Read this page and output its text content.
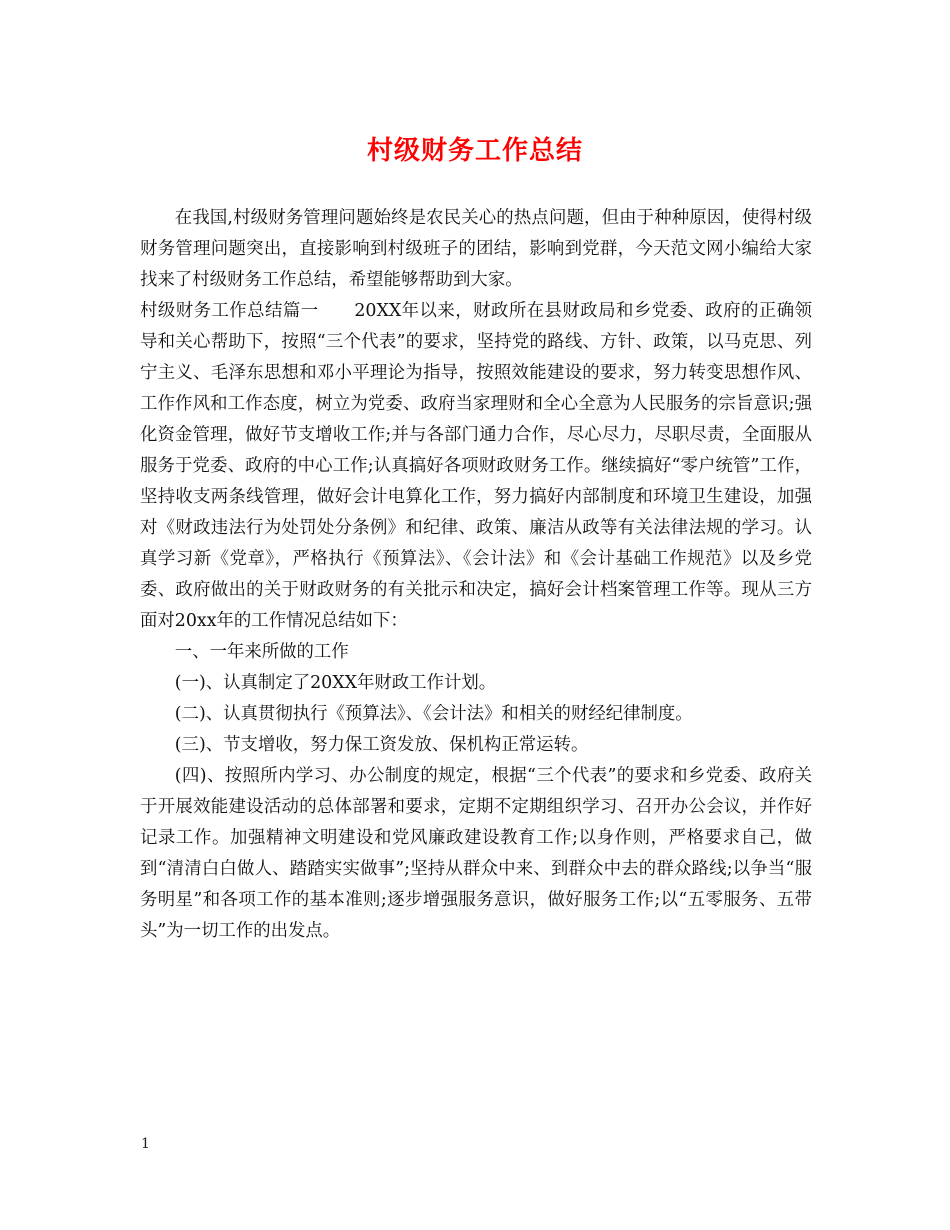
村级财务工作总结

在我国,村级财务管理问题始终是农民关心的热点问题，但由于种种原因，使得村级财务管理问题突出，直接影响到村级班子的团结，影响到党群，今天范文网小编给大家找来了村级财务工作总结，希望能够帮助到大家。

村级财务工作总结篇一　　20XX年以来，财政所在县财政局和乡党委、政府的正确领导和关心帮助下，按照“三个代表”的要求，坚持党的路线、方针、政策，以马克思、列宁主义、毛泽东思想和邓小平理论为指导，按照效能建设的要求，努力转变思想作风、工作作风和工作态度，树立为党委、政府当家理财和全心全意为人民服务的宗旨意识;强化资金管理，做好节支增收工作;并与各部门通力合作，尽心尽力，尽职尽责，全面服从服务于党委、政府的中心工作;认真搞好各项财政财务工作。继续搞好“零户统管”工作，坚持收支两条线管理，做好会计电算化工作，努力搞好内部制度和环境卫生建设，加强对《财政违法行为处罚处分条例》和纪律、政策、廉洁从政等有关法律法规的学习。认真学习新《党章》，严格执行《预算法》、《会计法》和《会计基础工作规范》以及乡党委、政府做出的关于财政财务的有关批示和决定，搞好会计档案管理工作等。现从三方面对20xx年的工作情况总结如下：

一、一年来所做的工作

(一)、认真制定了20XX年财政工作计划。

(二)、认真贯彻执行《预算法》、《会计法》和相关的财经纪律制度。

(三)、节支增收，努力保工资发放、保机构正常运转。

(四)、按照所内学习、办公制度的规定，根据“三个代表”的要求和乡党委、政府关于开展效能建设活动的总体部署和要求，定期不定期组织学习、召开办公会议，并作好记录工作。加强精神文明建设和党风廉政建设教育工作;以身作则，严格要求自己，做到“清清白白做人、踏踏实实做事”;坚持从群众中来、到群众中去的群众路线;以争当“服务明星”和各项工作的基本准则;逐步增强服务意识，做好服务工作;以“五零服务、五带头”为一切工作的出发点。

1
